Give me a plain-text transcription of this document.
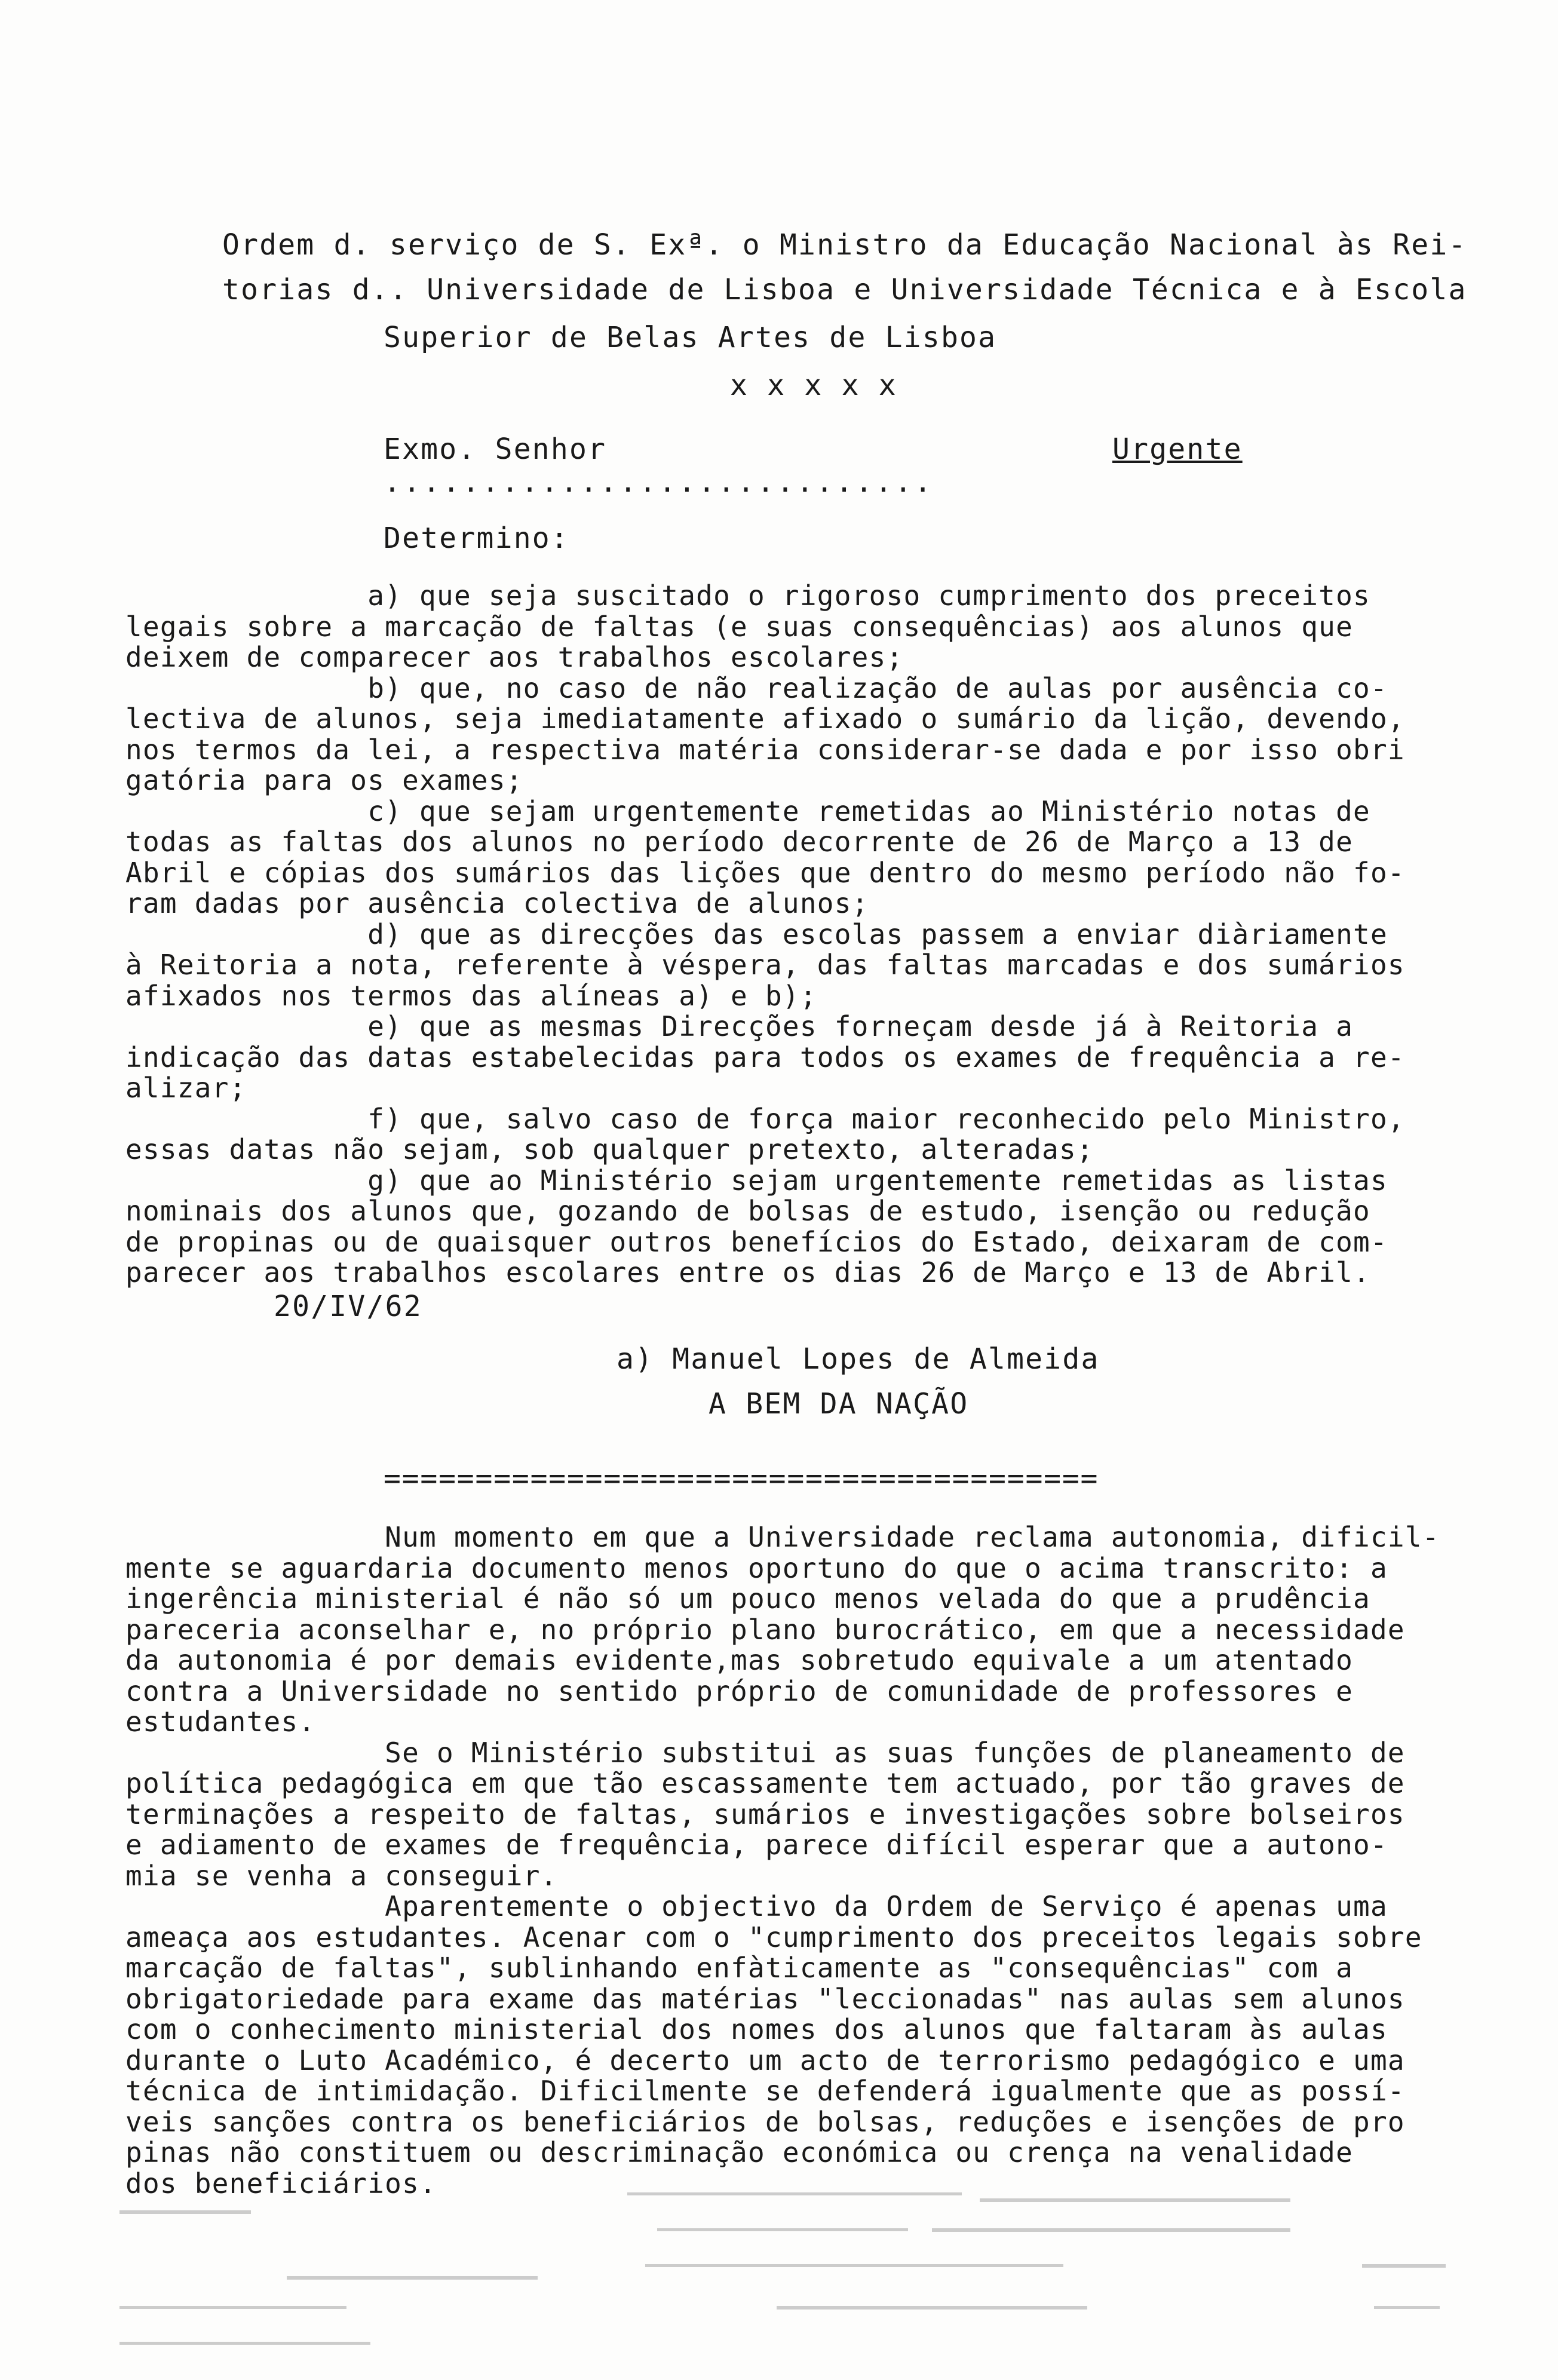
Ordem d. serviço de S. Exª. o Ministro da Educação Nacional às Rei-
torias d.. Universidade de Lisboa e Universidade Técnica e à Escola
Superior de Belas Artes de Lisboa
x x x x x
Exmo. Senhor	Urgente
............................
Determino:
a) que seja suscitado o rigoroso cumprimento dos preceitos
legais sobre a marcação de faltas (e suas consequências) aos alunos que
deixem de comparecer aos trabalhos escolares;
b) que, no caso de não realização de aulas por ausência co-
lectiva de alunos, seja imediatamente afixado o sumário da lição, devendo,
nos termos da lei, a respectiva matéria considerar-se dada e por isso obri
gatória para os exames;
c) que sejam urgentemente remetidas ao Ministério notas de
todas as faltas dos alunos no período decorrente de 26 de Março a 13 de
Abril e cópias dos sumários das lições que dentro do mesmo período não fo-
ram dadas por ausência colectiva de alunos;
d) que as direcções das escolas passem a enviar diàriamente
à Reitoria a nota, referente à véspera, das faltas marcadas e dos sumários
afixados nos termos das alíneas a) e b);
e) que as mesmas Direcções forneçam desde já à Reitoria a
indicação das datas estabelecidas para todos os exames de frequência a re-
alizar;
f) que, salvo caso de força maior reconhecido pelo Ministro,
essas datas não sejam, sob qualquer pretexto, alteradas;
g) que ao Ministério sejam urgentemente remetidas as listas
nominais dos alunos que, gozando de bolsas de estudo, isenção ou redução
de propinas ou de quaisquer outros benefícios do Estado, deixaram de com-
parecer aos trabalhos escolares entre os dias 26 de Março e 13 de Abril.
20/IV/62
a) Manuel Lopes de Almeida
A BEM DA NAÇÃO
=======================================
Num momento em que a Universidade reclama autonomia, dificil-
mente se aguardaria documento menos oportuno do que o acima transcrito: a
ingerência ministerial é não só um pouco menos velada do que a prudência
pareceria aconselhar e, no próprio plano burocrático, em que a necessidade
da autonomia é por demais evidente,mas sobretudo equivale a um atentado
contra a Universidade no sentido próprio de comunidade de professores e
estudantes.
Se o Ministério substitui as suas funções de planeamento de
política pedagógica em que tão escassamente tem actuado, por tão graves de
terminações a respeito de faltas, sumários e investigações sobre bolseiros
e adiamento de exames de frequência, parece difícil esperar que a autono-
mia se venha a conseguir.
Aparentemente o objectivo da Ordem de Serviço é apenas uma
ameaça aos estudantes. Acenar com o "cumprimento dos preceitos legais sobre
marcação de faltas", sublinhando enfàticamente as "consequências" com a
obrigatoriedade para exame das matérias "leccionadas" nas aulas sem alunos
com o conhecimento ministerial dos nomes dos alunos que faltaram às aulas
durante o Luto Académico, é decerto um acto de terrorismo pedagógico e uma
técnica de intimidação. Dificilmente se defenderá igualmente que as possí-
veis sanções contra os beneficiários de bolsas, reduções e isenções de pro
pinas não constituem ou descriminação económica ou crença na venalidade
dos beneficiários.
